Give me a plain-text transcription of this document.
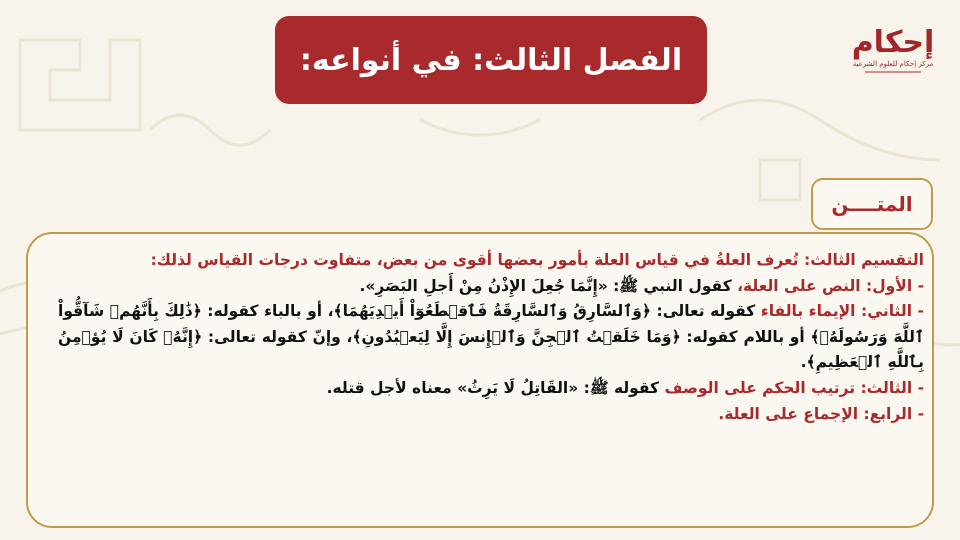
إحكام
مركز إحكام للعلوم الشرعية
الفصل الثالث: في أنواعه:
المتــــن
التقسيم الثالث: تُعرف العلةُ في قياس العلة بأمور بعضها أقوى من بعض، متفاوت درجات القياس لذلك:
- الأول: النص على العلة، كقول النبي ﷺ: «إِنَّمَا جُعِلَ الإِذْنُ مِنْ أَجلِ البَصَرِ».
- الثاني: الإيماء بالفاء كقوله تعالى: ﴿وَٱلسَّارِقُ وَٱلسَّارِقَةُ فَٱقۡطَعُوٓاْ أَيۡدِيَهُمَا﴾، أو بالباء كقوله: ﴿ذَٰلِكَ بِأَنَّهُمۡ شَآقُّواْ ٱللَّهَ وَرَسُولَهُۥ﴾ أو باللام كقوله: ﴿وَمَا خَلَقۡتُ ٱلۡجِنَّ وَٱلۡإِنسَ إِلَّا لِيَعۡبُدُونِ﴾، وإنّ كقوله تعالى: ﴿إِنَّهُۥ كَانَ لَا يُؤۡمِنُ بِٱللَّهِ ٱلۡعَظِيمِ﴾.
- الثالث: ترتيب الحكم على الوصف كقوله ﷺ: «القَاتِلُ لَا يَرِثُ» معناه لأجل قتله.
- الرابع: الإجماع على العلة.
